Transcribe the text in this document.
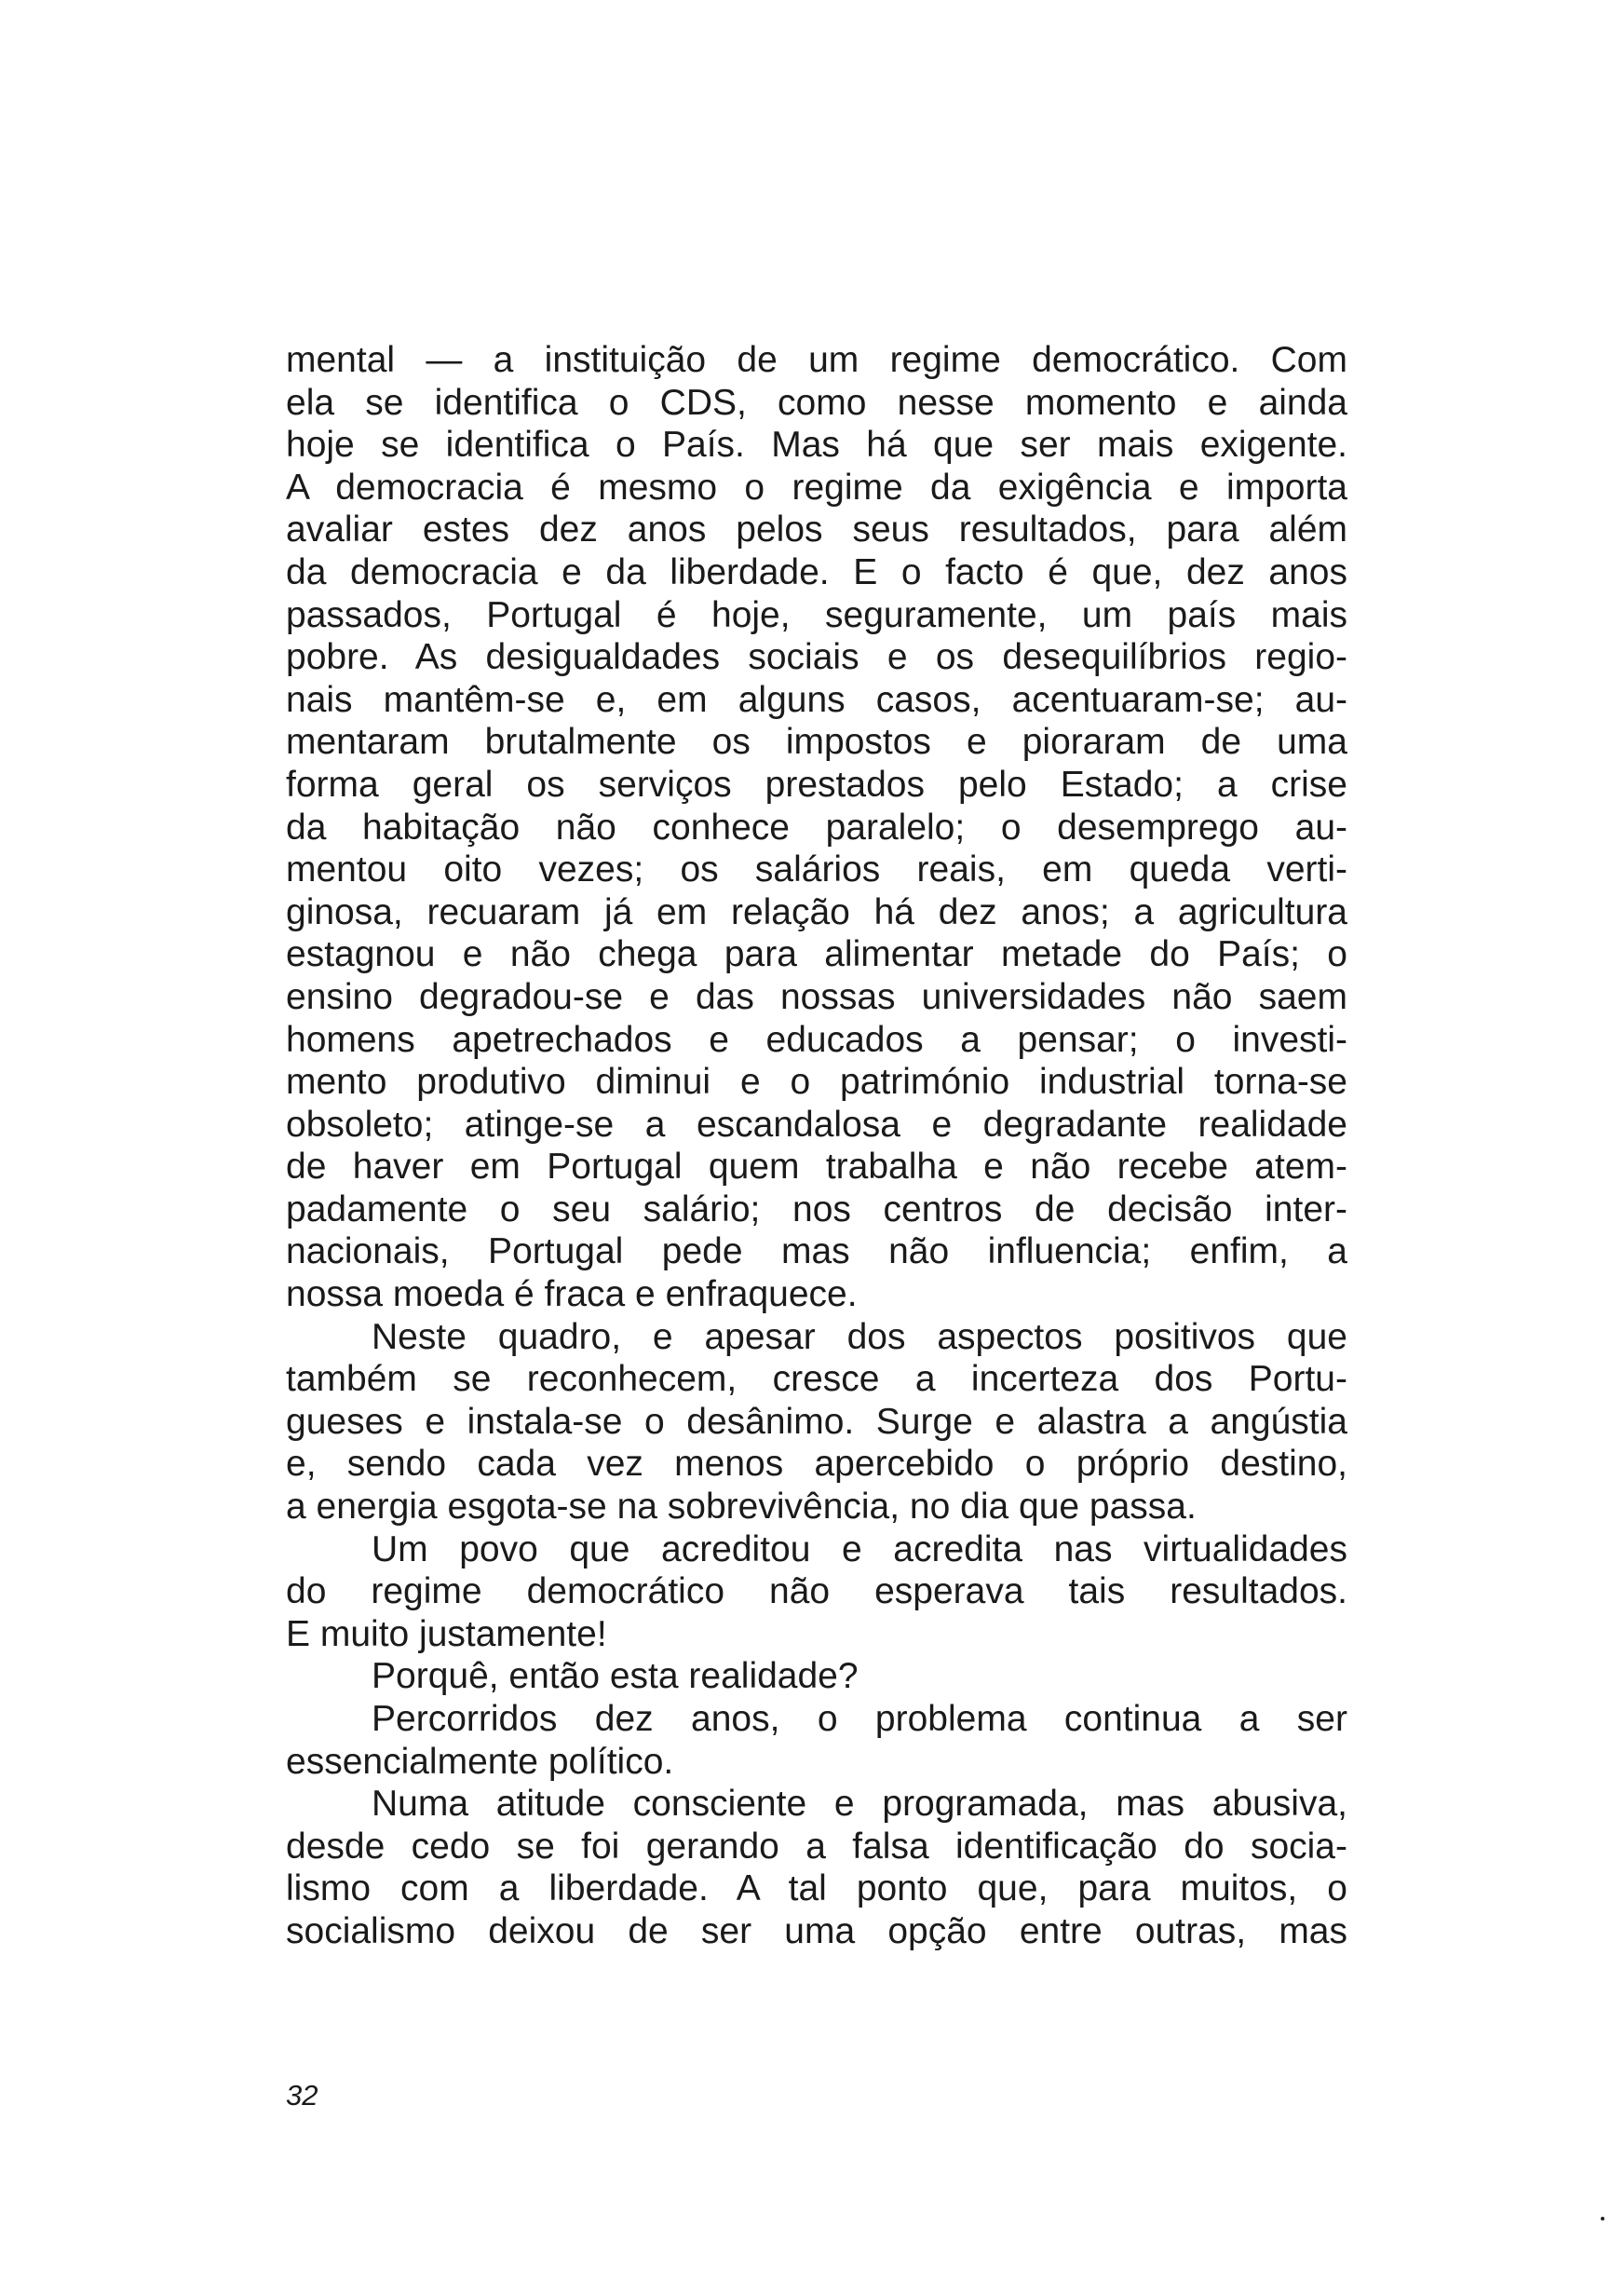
mental — a instituição de um regime democrático. Com
ela se identifica o CDS, como nesse momento e ainda
hoje se identifica o País. Mas há que ser mais exigente.
A democracia é mesmo o regime da exigência e importa
avaliar estes dez anos pelos seus resultados, para além
da democracia e da liberdade. E o facto é que, dez anos
passados, Portugal é hoje, seguramente, um país mais
pobre. As desigualdades sociais e os desequilíbrios regio-
nais mantêm-se e, em alguns casos, acentuaram-se; au-
mentaram brutalmente os impostos e pioraram de uma
forma geral os serviços prestados pelo Estado; a crise
da habitação não conhece paralelo; o desemprego au-
mentou oito vezes; os salários reais, em queda verti-
ginosa, recuaram já em relação há dez anos; a agricultura
estagnou e não chega para alimentar metade do País; o
ensino degradou-se e das nossas universidades não saem
homens apetrechados e educados a pensar; o investi-
mento produtivo diminui e o património industrial torna-se
obsoleto; atinge-se a escandalosa e degradante realidade
de haver em Portugal quem trabalha e não recebe atem-
padamente o seu salário; nos centros de decisão inter-
nacionais, Portugal pede mas não influencia; enfim, a
nossa moeda é fraca e enfraquece.
Neste quadro, e apesar dos aspectos positivos que
também se reconhecem, cresce a incerteza dos Portu-
gueses e instala-se o desânimo. Surge e alastra a angústia
e, sendo cada vez menos apercebido o próprio destino,
a energia esgota-se na sobrevivência, no dia que passa.
Um povo que acreditou e acredita nas virtualidades
do regime democrático não esperava tais resultados.
E muito justamente!
Porquê, então esta realidade?
Percorridos dez anos, o problema continua a ser
essencialmente político.
Numa atitude consciente e programada, mas abusiva,
desde cedo se foi gerando a falsa identificação do socia-
lismo com a liberdade. A tal ponto que, para muitos, o
socialismo deixou de ser uma opção entre outras, mas
32
